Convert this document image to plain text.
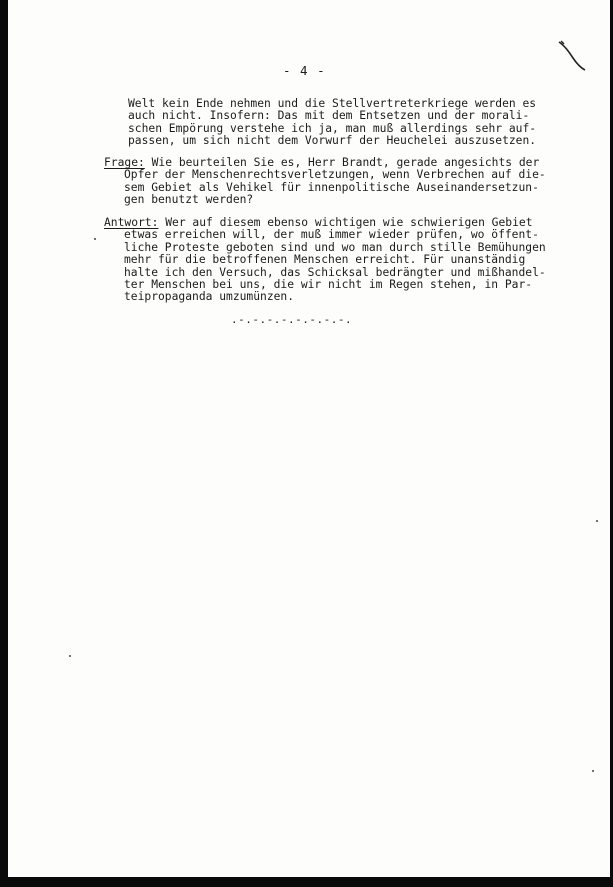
- 4 -
Welt kein Ende nehmen und die Stellvertreterkriege werden es
auch nicht. Insofern: Das mit dem Entsetzen und der morali-
schen Empörung verstehe ich ja, man muß allerdings sehr auf-
passen, um sich nicht dem Vorwurf der Heuchelei auszusetzen.
Frage: Wie beurteilen Sie es, Herr Brandt, gerade angesichts der
Opfer der Menschenrechtsverletzungen, wenn Verbrechen auf die-
sem Gebiet als Vehikel für innenpolitische Auseinandersetzun-
gen benutzt werden?
Antwort: Wer auf diesem ebenso wichtigen wie schwierigen Gebiet
etwas erreichen will, der muß immer wieder prüfen, wo öffent-
liche Proteste geboten sind und wo man durch stille Bemühungen
mehr für die betroffenen Menschen erreicht. Für unanständig
halte ich den Versuch, das Schicksal bedrängter und mißhandel-
ter Menschen bei uns, die wir nicht im Regen stehen, in Par-
teipropaganda umzumünzen.
.-.-.-.-.-.-.-.-.
